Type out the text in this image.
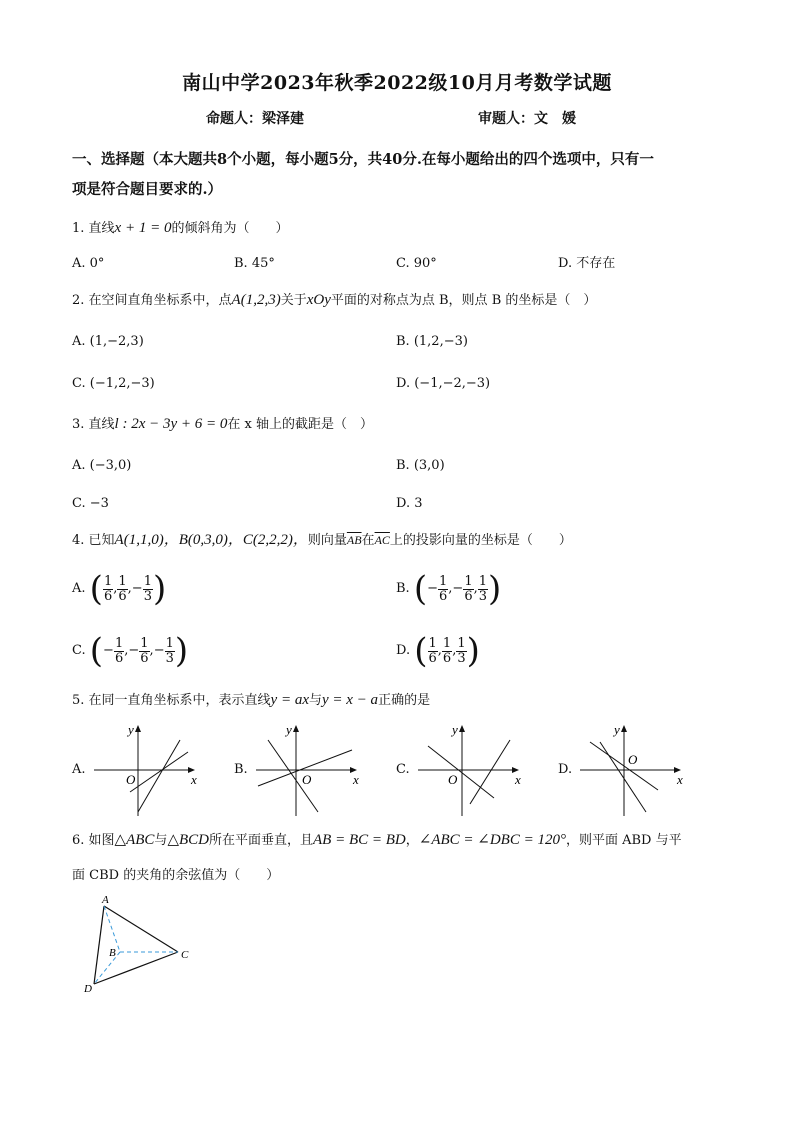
南山中学2023年秋季2022级10月月考数学试题
命题人：梁泽建	审题人：文　媛
一、选择题（本大题共8个小题，每小题5分，共40分.在每小题给出的四个选项中，只有一
项是符合题目要求的.）
1. 直线x + 1 = 0的倾斜角为（　　）
A. 0°	B. 45°	C. 90°	D. 不存在
2. 在空间直角坐标系中，点A(1,2,3)关于xOy平面的对称点为点 B，则点 B 的坐标是（　）
A. (1,−2,3)	B. (1,2,−3)
C. (−1,2,−3)	D. (−1,−2,−3)
3. 直线l : 2x − 3y + 6 = 0在 x 轴上的截距是（　）
A. (−3,0)	B. (3,0)
C. −3	D. 3
4. 已知A(1,1,0)，B(0,3,0)，C(2,2,2)，则向量$\overline{AB}$在$\overline{AC}$上的投影向量的坐标是（　　）
A.
( $\frac{1}{6}$ , $\frac{1}{6}$ , − $\frac{1}{3}$ )	B.
( − $\frac{1}{6}$ , − $\frac{1}{6}$ , $\frac{1}{3}$ )
C.
( − $\frac{1}{6}$ , − $\frac{1}{6}$ , − $\frac{1}{3}$ )	D.
( $\frac{1}{6}$ , $\frac{1}{6}$ , $\frac{1}{3}$ )
5. 在同一直角坐标系中，表示直线y = ax与y = x − a正确的是
A.	B.	C.	D.
x
y
O	x
y
O	x
y
O	x
y
O
6. 如图△ABC与△BCD所在平面垂直，且AB = BC = BD，∠ABC = ∠DBC = 120°，则平面 ABD 与平
面 CBD 的夹角的余弦值为（　　）
A
B	C
D
